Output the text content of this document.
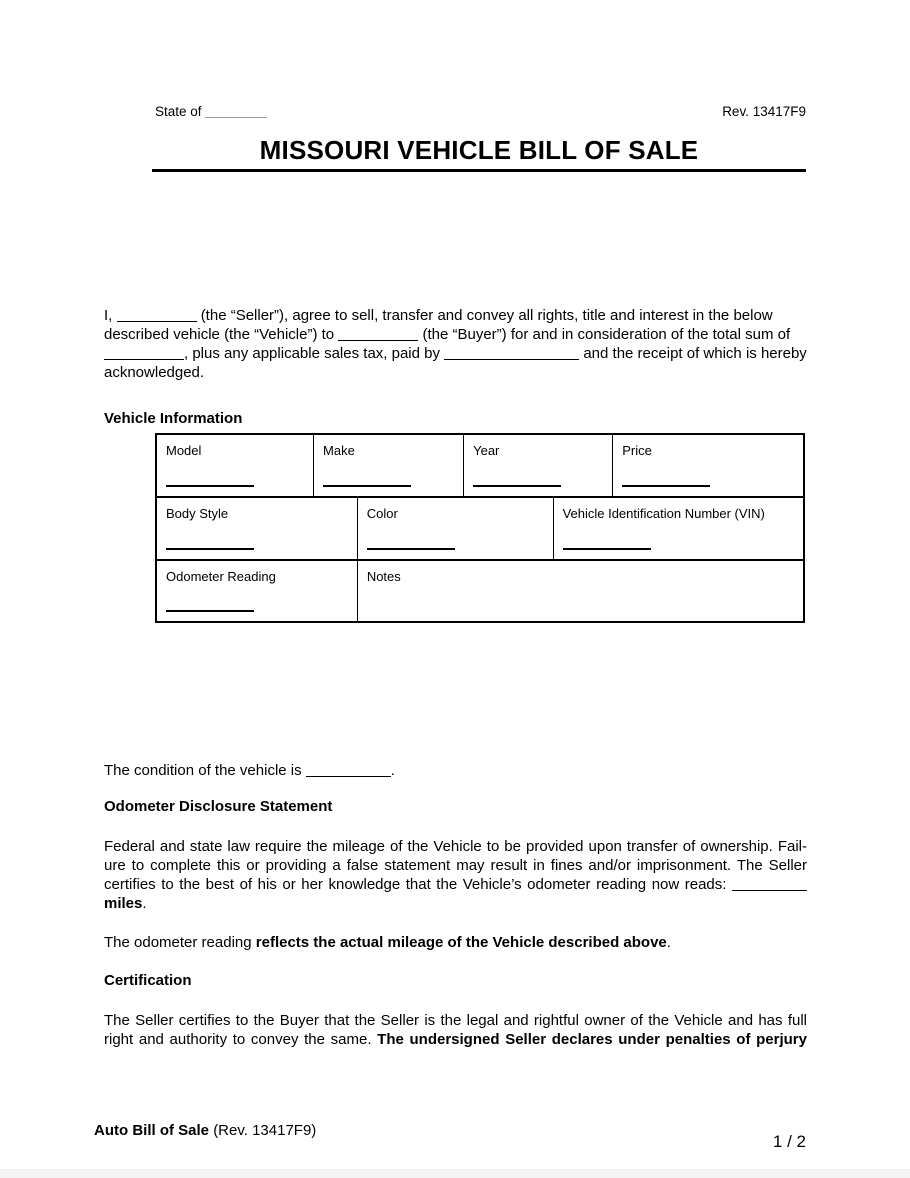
State of	Rev. 13417F9
MISSOURI VEHICLE BILL OF SALE

I,	(the “Seller”), agree to sell, transfer and convey all rights, title and interest in the below described vehicle (the “Vehicle”) to	(the “Buyer”) for and in consideration of the total sum of , plus any applicable sales tax, paid by	and the receipt of which is hereby acknowledged.

Vehicle Information
Model	Make	Year	Price
Body Style	Color	Vehicle Identification Number (VIN)
Odometer Reading	Notes

The condition of the vehicle is	.

Odometer Disclosure Statement

Federal and state law require the mileage of the Vehicle to be provided upon transfer of ownership. Failure to complete this or providing a false statement may result in fines and/or imprisonment. The Seller certifies to the best of his or her knowledge that the Vehicle’s odometer reading now reads:  miles.

The odometer reading reflects the actual mileage of the Vehicle described above.

Certification

The Seller certifies to the Buyer that the Seller is the legal and rightful owner of the Vehicle and has full right and authority to convey the same. The undersigned Seller declares under penalties of perjury

Auto Bill of Sale (Rev. 13417F9)
1 / 2
